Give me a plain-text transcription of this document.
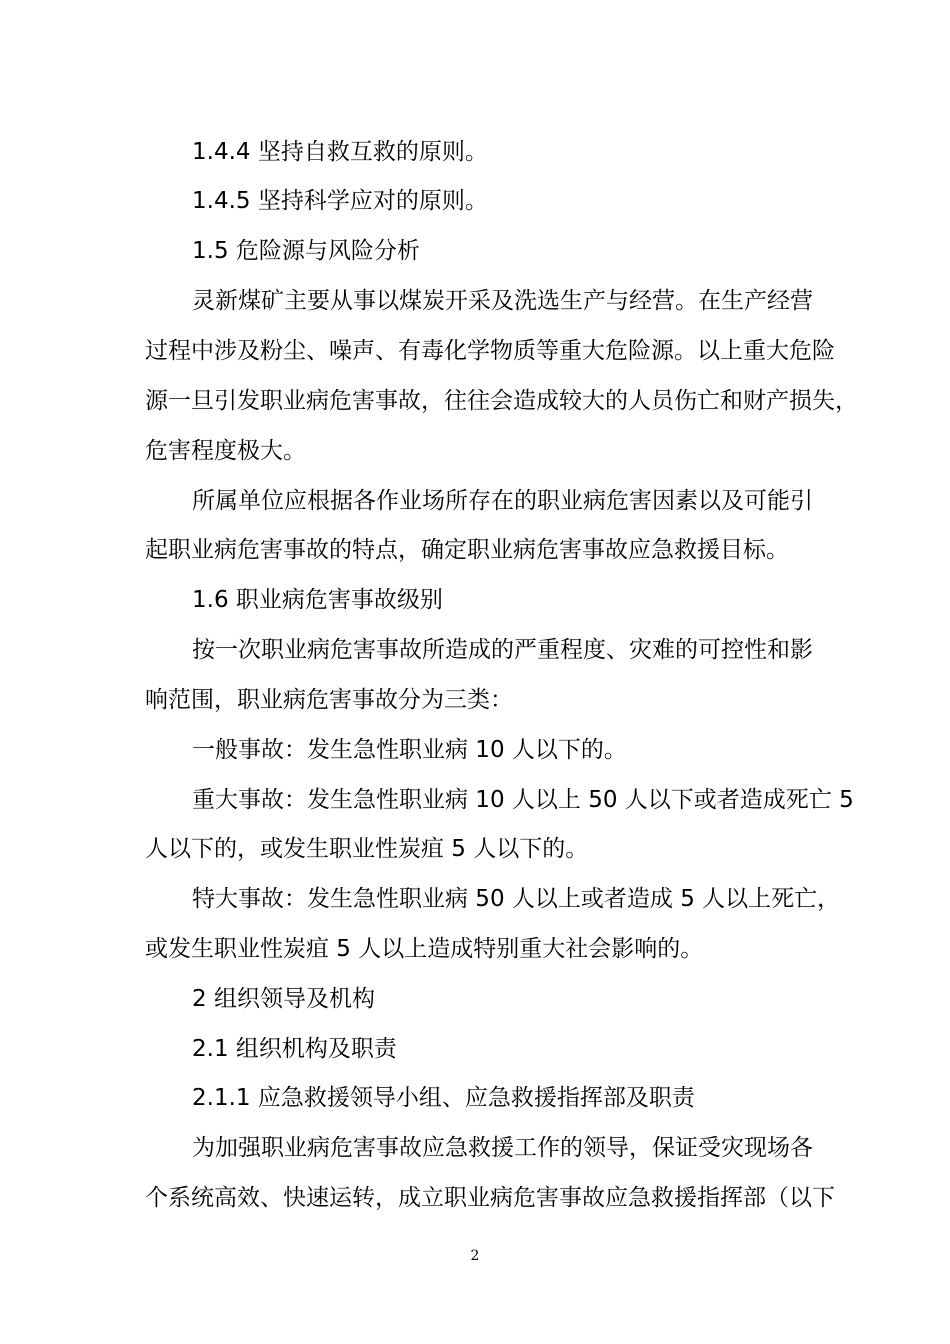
1.4.4 坚持自救互救的原则。
1.4.5 坚持科学应对的原则。
1.5 危险源与风险分析
灵新煤矿主要从事以煤炭开采及洗选生产与经营。在生产经营
过程中涉及粉尘、噪声、有毒化学物质等重大危险源。以上重大危险
源一旦引发职业病危害事故，往往会造成较大的人员伤亡和财产损失，
危害程度极大。
所属单位应根据各作业场所存在的职业病危害因素以及可能引
起职业病危害事故的特点，确定职业病危害事故应急救援目标。
1.6 职业病危害事故级别
按一次职业病危害事故所造成的严重程度、灾难的可控性和影
响范围，职业病危害事故分为三类：
一般事故：发生急性职业病 10 人以下的。
重大事故：发生急性职业病 10 人以上 50 人以下或者造成死亡 5
人以下的，或发生职业性炭疽 5 人以下的。
特大事故：发生急性职业病 50 人以上或者造成 5 人以上死亡，
或发生职业性炭疽 5 人以上造成特别重大社会影响的。
2 组织领导及机构
2.1 组织机构及职责
2.1.1 应急救援领导小组、应急救援指挥部及职责
为加强职业病危害事故应急救援工作的领导，保证受灾现场各
个系统高效、快速运转，成立职业病危害事故应急救援指挥部（以下
2
